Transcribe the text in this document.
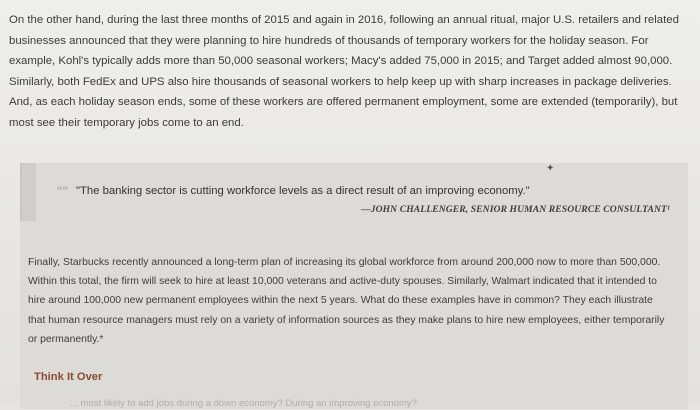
On the other hand, during the last three months of 2015 and again in 2016, following an annual ritual, major U.S. retailers and related businesses announced that they were planning to hire hundreds of thousands of temporary workers for the holiday season. For example, Kohl's typically adds more than 50,000 seasonal workers; Macy's added 75,000 in 2015; and Target added almost 90,000. Similarly, both FedEx and UPS also hire thousands of seasonal workers to help keep up with sharp increases in package deliveries. And, as each holiday season ends, some of these workers are offered permanent employment, some are extended (temporarily), but most see their temporary jobs come to an end.

✦
““ "The banking sector is cutting workforce levels as a direct result of an improving economy."

—JOHN CHALLENGER, SENIOR HUMAN RESOURCE CONSULTANT¹

Finally, Starbucks recently announced a long-term plan of increasing its global workforce from around 200,000 now to more than 500,000. Within this total, the firm will seek to hire at least 10,000 veterans and active-duty spouses. Similarly, Walmart indicated that it intended to hire around 100,000 new permanent employees within the next 5 years. What do these examples have in common? They each illustrate that human resource managers must rely on a variety of information sources as they make plans to hire new employees, either temporarily or permanently.*

Think It Over

... most likely to add jobs during a down economy? During an improving economy?
